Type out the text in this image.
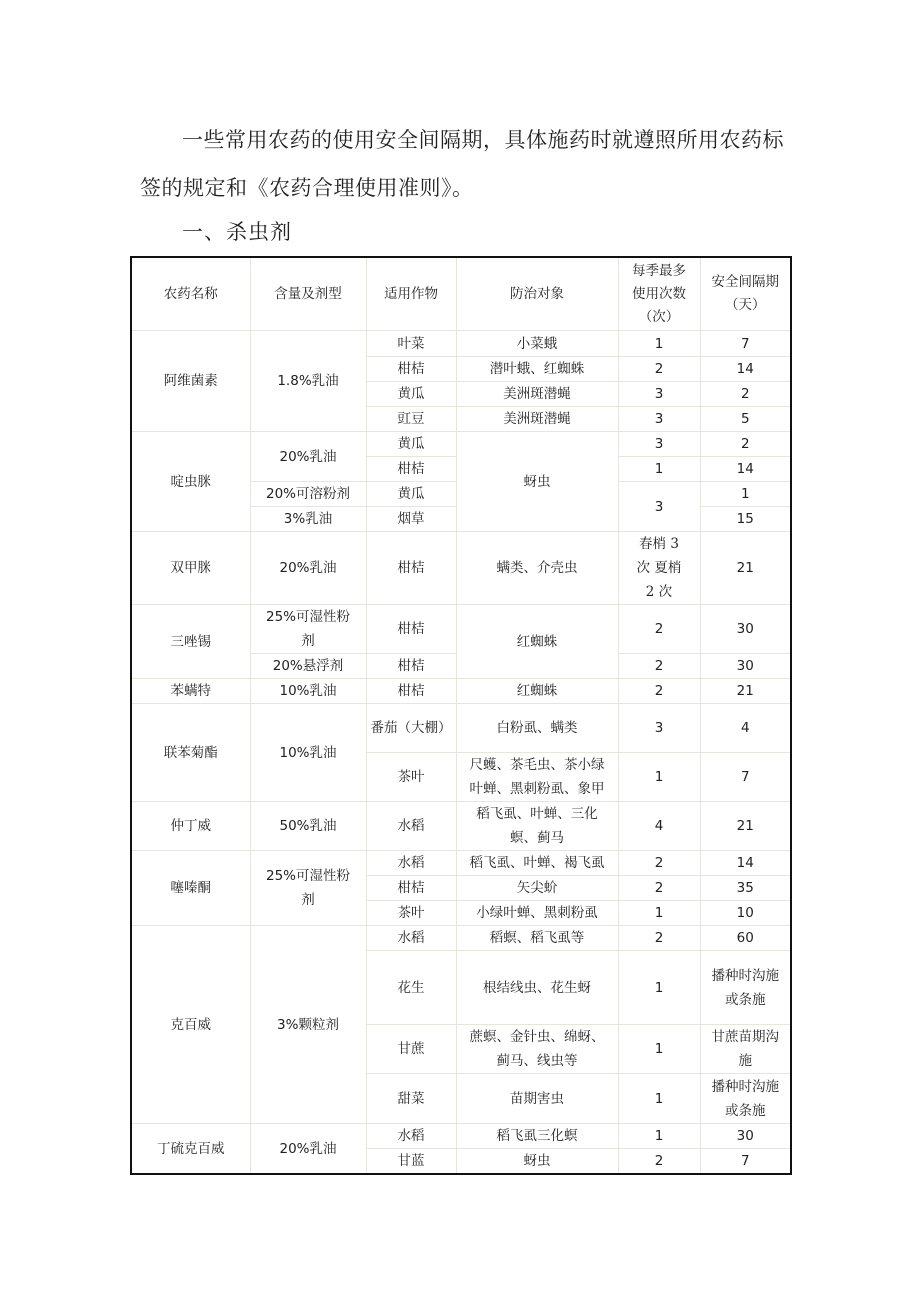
一些常用农药的使用安全间隔期，具体施药时就遵照所用农药标签的规定和《农药合理使用准则》。
一、杀虫剂
农药名称	含量及剂型	适用作物	防治对象	每季最多使用次数（次）	安全间隔期（天）
阿维菌素	1.8%乳油	叶菜	小菜蛾	1	7
		柑桔	潜叶蛾、红蜘蛛	2	14
		黄瓜	美洲斑潜蝇	3	2
		豇豆	美洲斑潜蝇	3	5
啶虫脒	20%乳油	黄瓜	蚜虫	3	2
		柑桔		1	14
	20%可溶粉剂	黄瓜		3	1
	3%乳油	烟草			15
双甲脒	20%乳油	柑桔	螨类、介壳虫	春梢 3 次 夏梢 2 次	21
三唑锡	25%可湿性粉剂	柑桔	红蜘蛛	2	30
	20%悬浮剂	柑桔		2	30
苯螨特	10%乳油	柑桔	红蜘蛛	2	21
联苯菊酯	10%乳油	番茄（大棚）	白粉虱、螨类	3	4
		茶叶	尺蠖、茶毛虫、茶小绿叶蝉、黑刺粉虱、象甲	1	7
仲丁威	50%乳油	水稻	稻飞虱、叶蝉、三化螟、蓟马	4	21
噻嗪酮	25%可湿性粉剂	水稻	稻飞虱、叶蝉、褐飞虱	2	14
		柑桔	矢尖蚧	2	35
		茶叶	小绿叶蝉、黑刺粉虱	1	10
克百威	3%颗粒剂	水稻	稻螟、稻飞虱等	2	60
		花生	根结线虫、花生蚜	1	播种时沟施或条施
		甘蔗	蔗螟、金针虫、绵蚜、蓟马、线虫等	1	甘蔗苗期沟施
		甜菜	苗期害虫	1	播种时沟施或条施
丁硫克百威	20%乳油	水稻	稻飞虱三化螟	1	30
		甘蓝	蚜虫	2	7
